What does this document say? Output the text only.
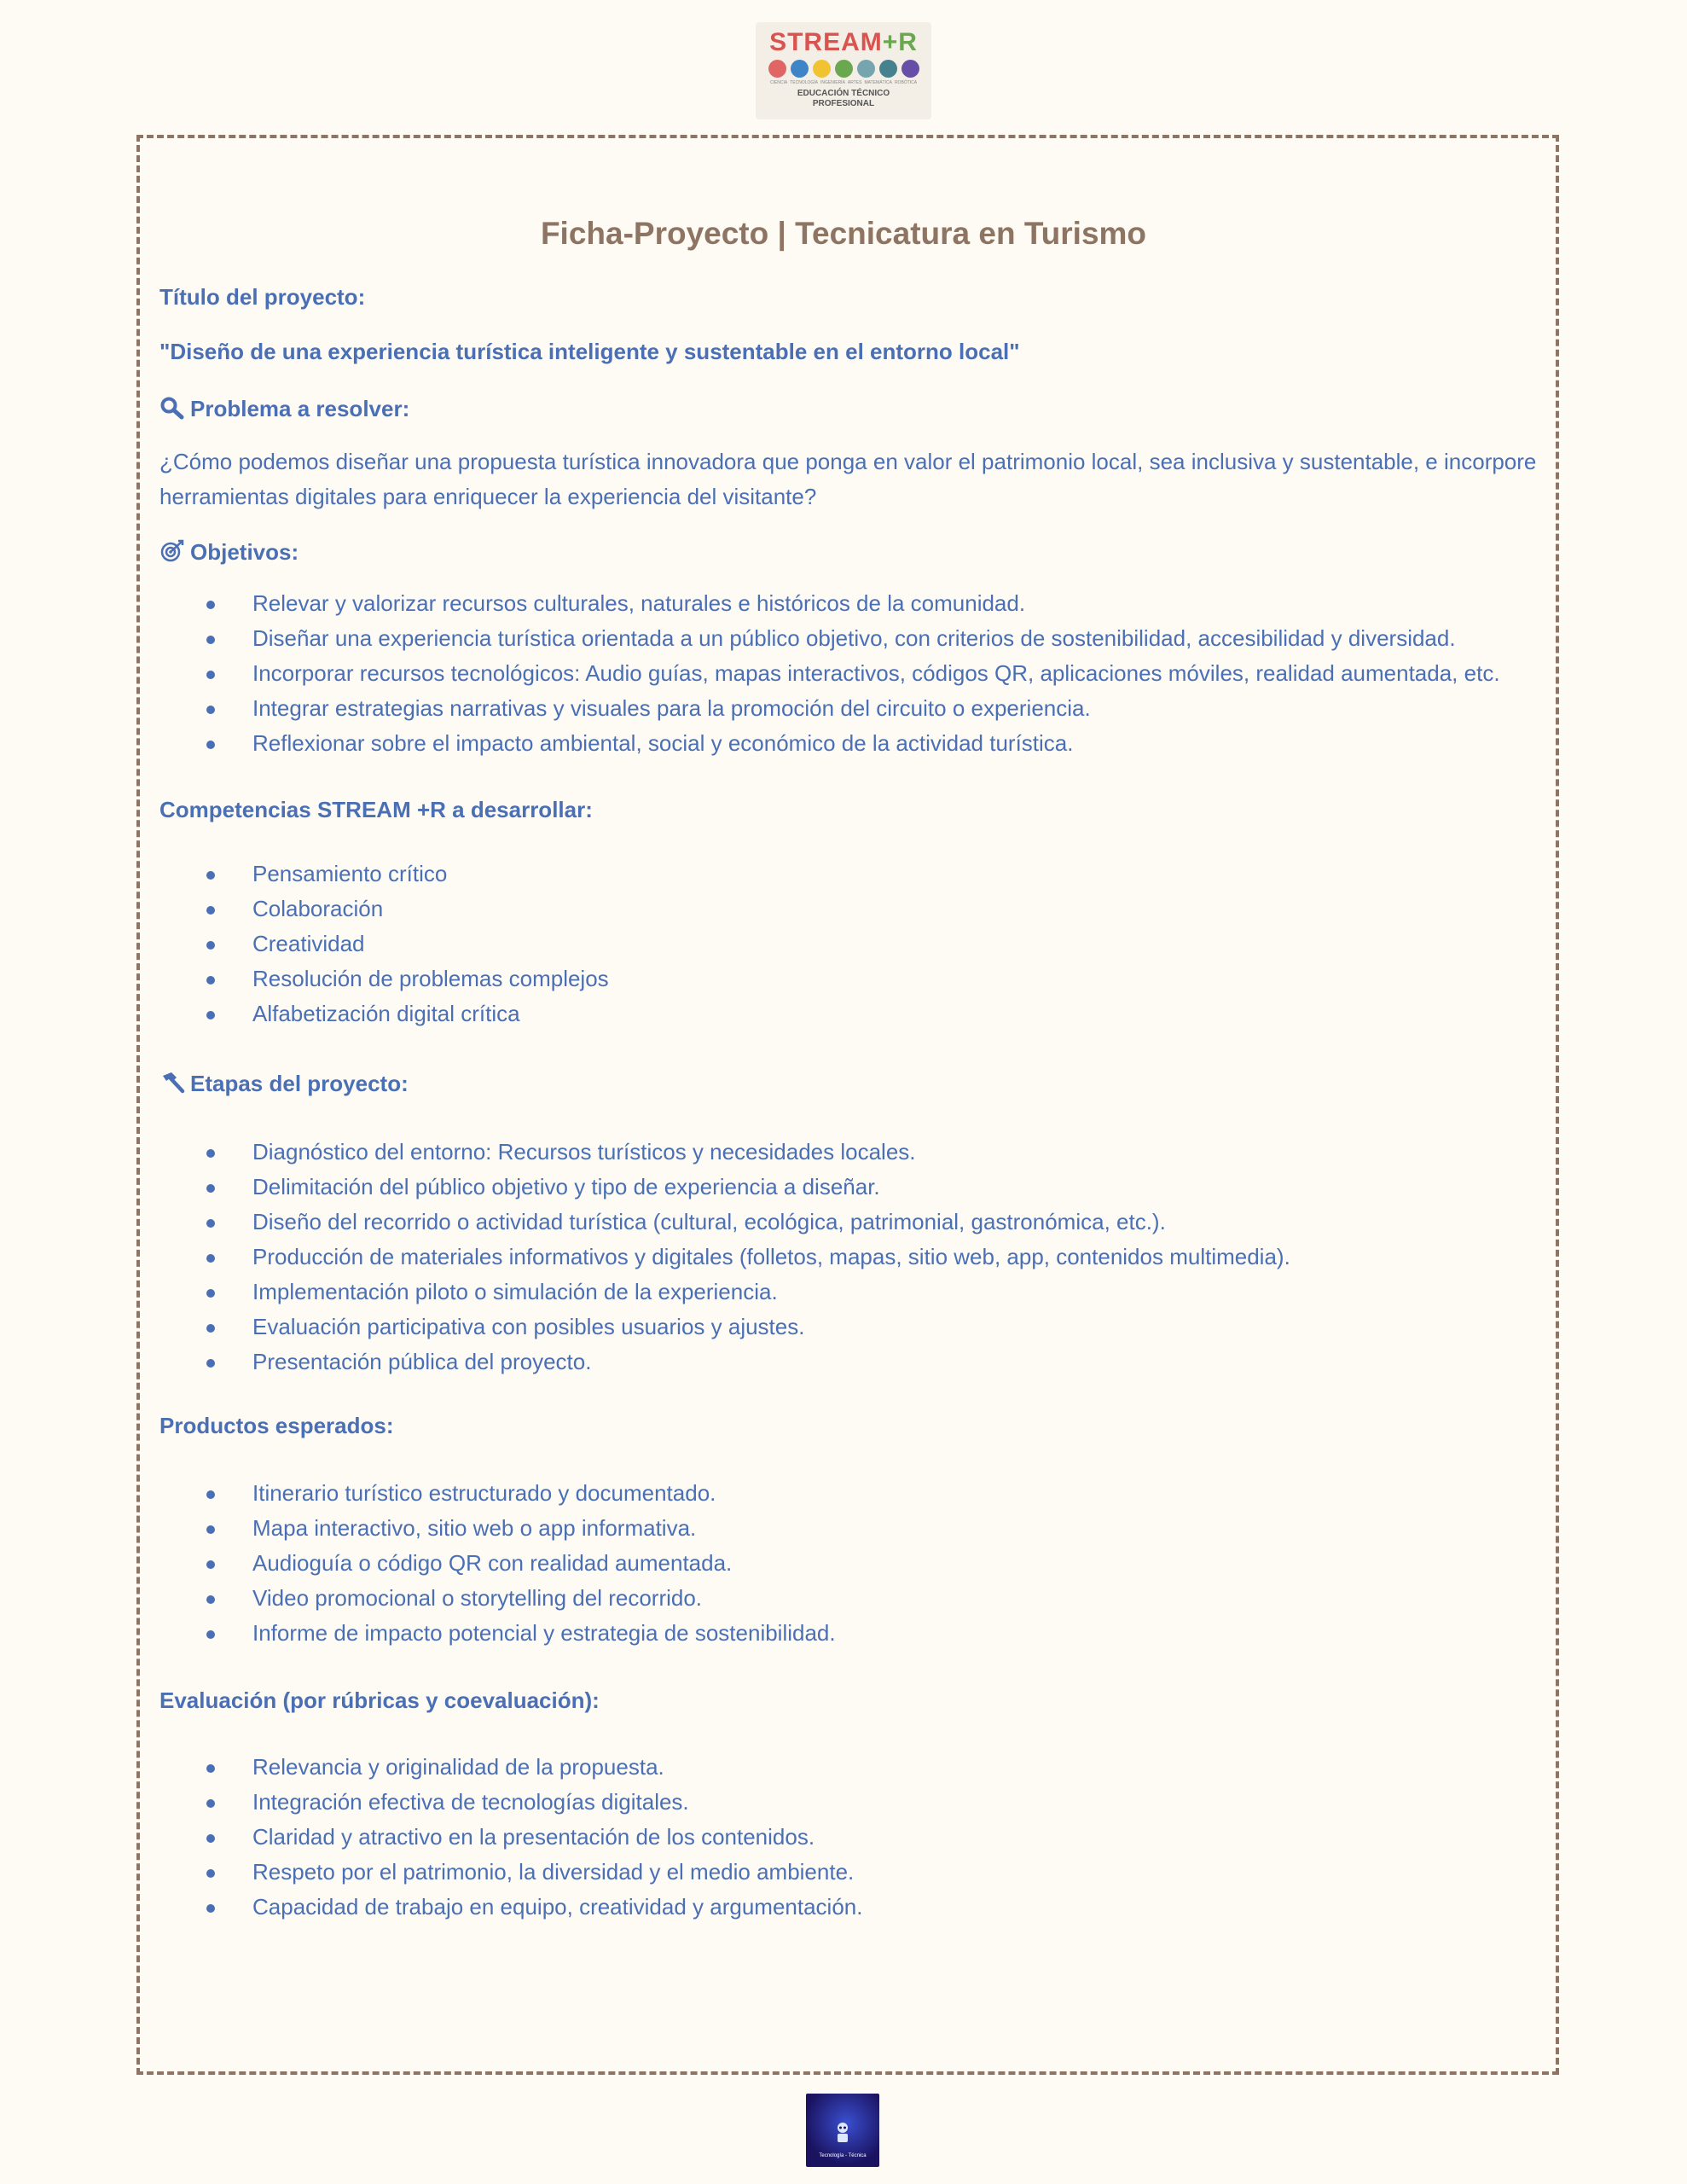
STREAM+R
CIENCIA TECNOLOGÍA INGENIERÍA ARTES MATEMÁTICA ROBÓTICA
EDUCACIÓN TÉCNICO PROFESIONAL
Ficha-Proyecto | Tecnicatura en Turismo

Título del proyecto:

"Diseño de una experiencia turística inteligente y sustentable en el entorno local"

Problema a resolver:

¿Cómo podemos diseñar una propuesta turística innovadora que ponga en valor el patrimonio local, sea inclusiva y sustentable, e incorpore herramientas digitales para enriquecer la experiencia del visitante?

Objetivos:

Relevar y valorizar recursos culturales, naturales e históricos de la comunidad.
Diseñar una experiencia turística orientada a un público objetivo, con criterios de sostenibilidad, accesibilidad y diversidad.
Incorporar recursos tecnológicos: Audio guías, mapas interactivos, códigos QR, aplicaciones móviles, realidad aumentada, etc.
Integrar estrategias narrativas y visuales para la promoción del circuito o experiencia.
Reflexionar sobre el impacto ambiental, social y económico de la actividad turística.

Competencias STREAM +R a desarrollar:

Pensamiento crítico
Colaboración
Creatividad
Resolución de problemas complejos
Alfabetización digital crítica

Etapas del proyecto:

Diagnóstico del entorno: Recursos turísticos y necesidades locales.
Delimitación del público objetivo y tipo de experiencia a diseñar.
Diseño del recorrido o actividad turística (cultural, ecológica, patrimonial, gastronómica, etc.).
Producción de materiales informativos y digitales (folletos, mapas, sitio web, app, contenidos multimedia).
Implementación piloto o simulación de la experiencia.
Evaluación participativa con posibles usuarios y ajustes.
Presentación pública del proyecto.

Productos esperados:

Itinerario turístico estructurado y documentado.
Mapa interactivo, sitio web o app informativa.
Audioguía o código QR con realidad aumentada.
Video promocional o storytelling del recorrido.
Informe de impacto potencial y estrategia de sostenibilidad.

Evaluación (por rúbricas y coevaluación):

Relevancia y originalidad de la propuesta.
Integración efectiva de tecnologías digitales.
Claridad y atractivo en la presentación de los contenidos.
Respeto por el patrimonio, la diversidad y el medio ambiente.
Capacidad de trabajo en equipo, creatividad y argumentación.
Tecnología - Técnica
